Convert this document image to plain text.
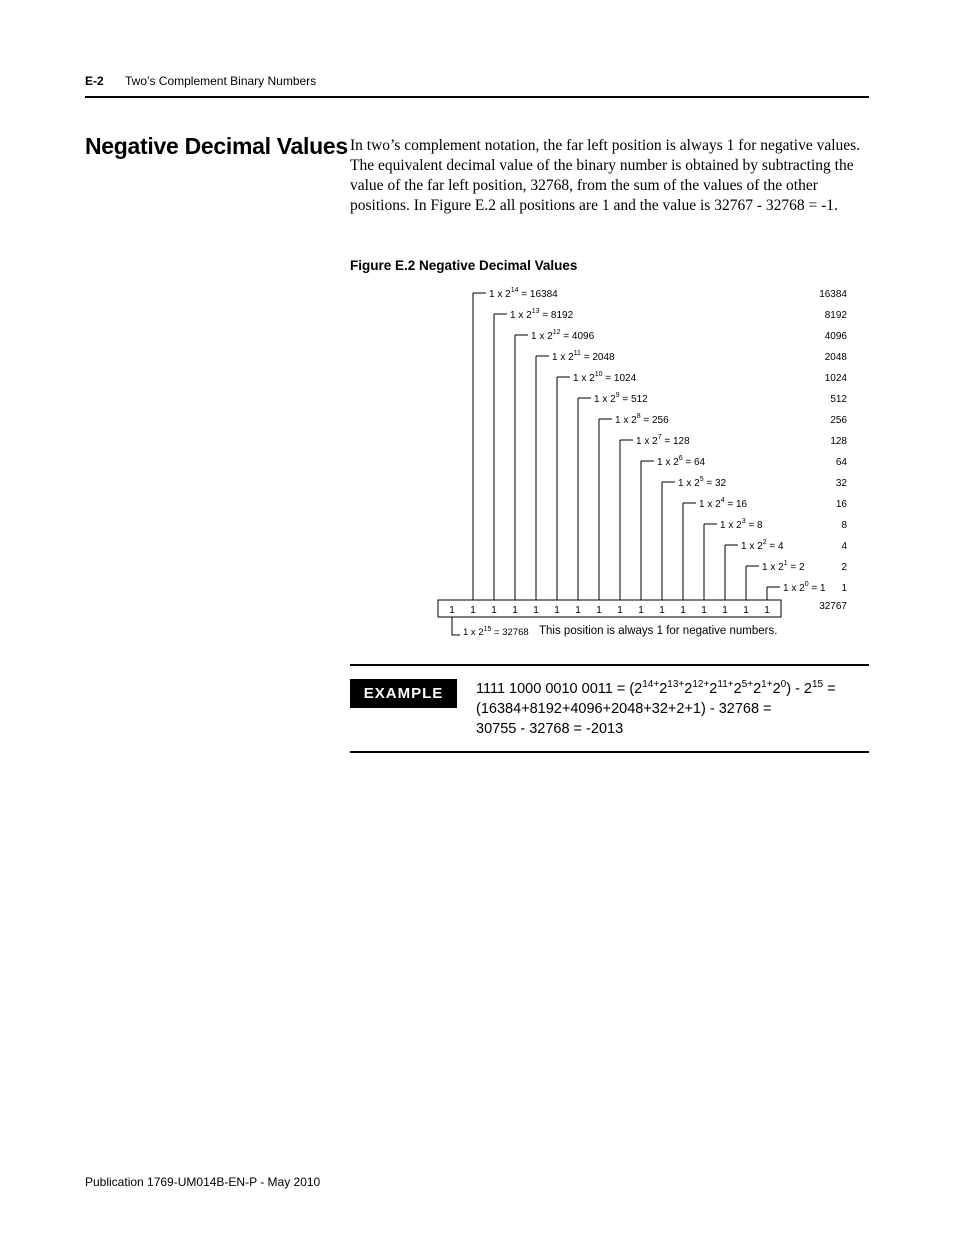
E-2 Two’s Complement Binary Numbers
Negative Decimal Values In two’s complement notation, the far left position is always 1 for negative values. The equivalent decimal value of the binary number is obtained by subtracting the value of the far left position, 32768, from the sum of the values of the other positions. In Figure E.2 all positions are 1 and the value is 32767 - 32768 = -1.

Figure E.2 Negative Decimal Values
1 1 1 1 1 1 1 1 1 1 1 1 1 1 1 1
1 x $2^{14} = 16384$	16384
1 x $2^{13} = 8192$	8192
1 x $2^{12} = 4096$	4096
1 x $2^{11} = 2048$	2048
1 x $2^{10} = 1024$	1024
1 x $2^9 = 512$	512
1 x $2^8 = 256$	256
1 x $2^7 = 128$	128
1 x $2^6 = 64$	64
1 x $2^5 = 32$	32
1 x $2^4 = 16$	16
1 x $2^3 = 8$	8
1 x $2^2 = 4$	4
1 x $2^1 = 2$	2
1 x $2^0 = 1$ 1
32767
1 x $2^{15} = 32768$ This position is always 1 for negative numbers.
EXAMPLE	1111 1000 0010 $0011 = (2^{14+}2^{13+}2^{12+}2^{11+}2^{5+}2^{1+}2^0) - 2^{15}$ =
(16384+8192+4096+2048+32+2+1) - 32768 =
30755 - 32768 = -2013
Publication 1769-UM014B-EN-P - May 2010
